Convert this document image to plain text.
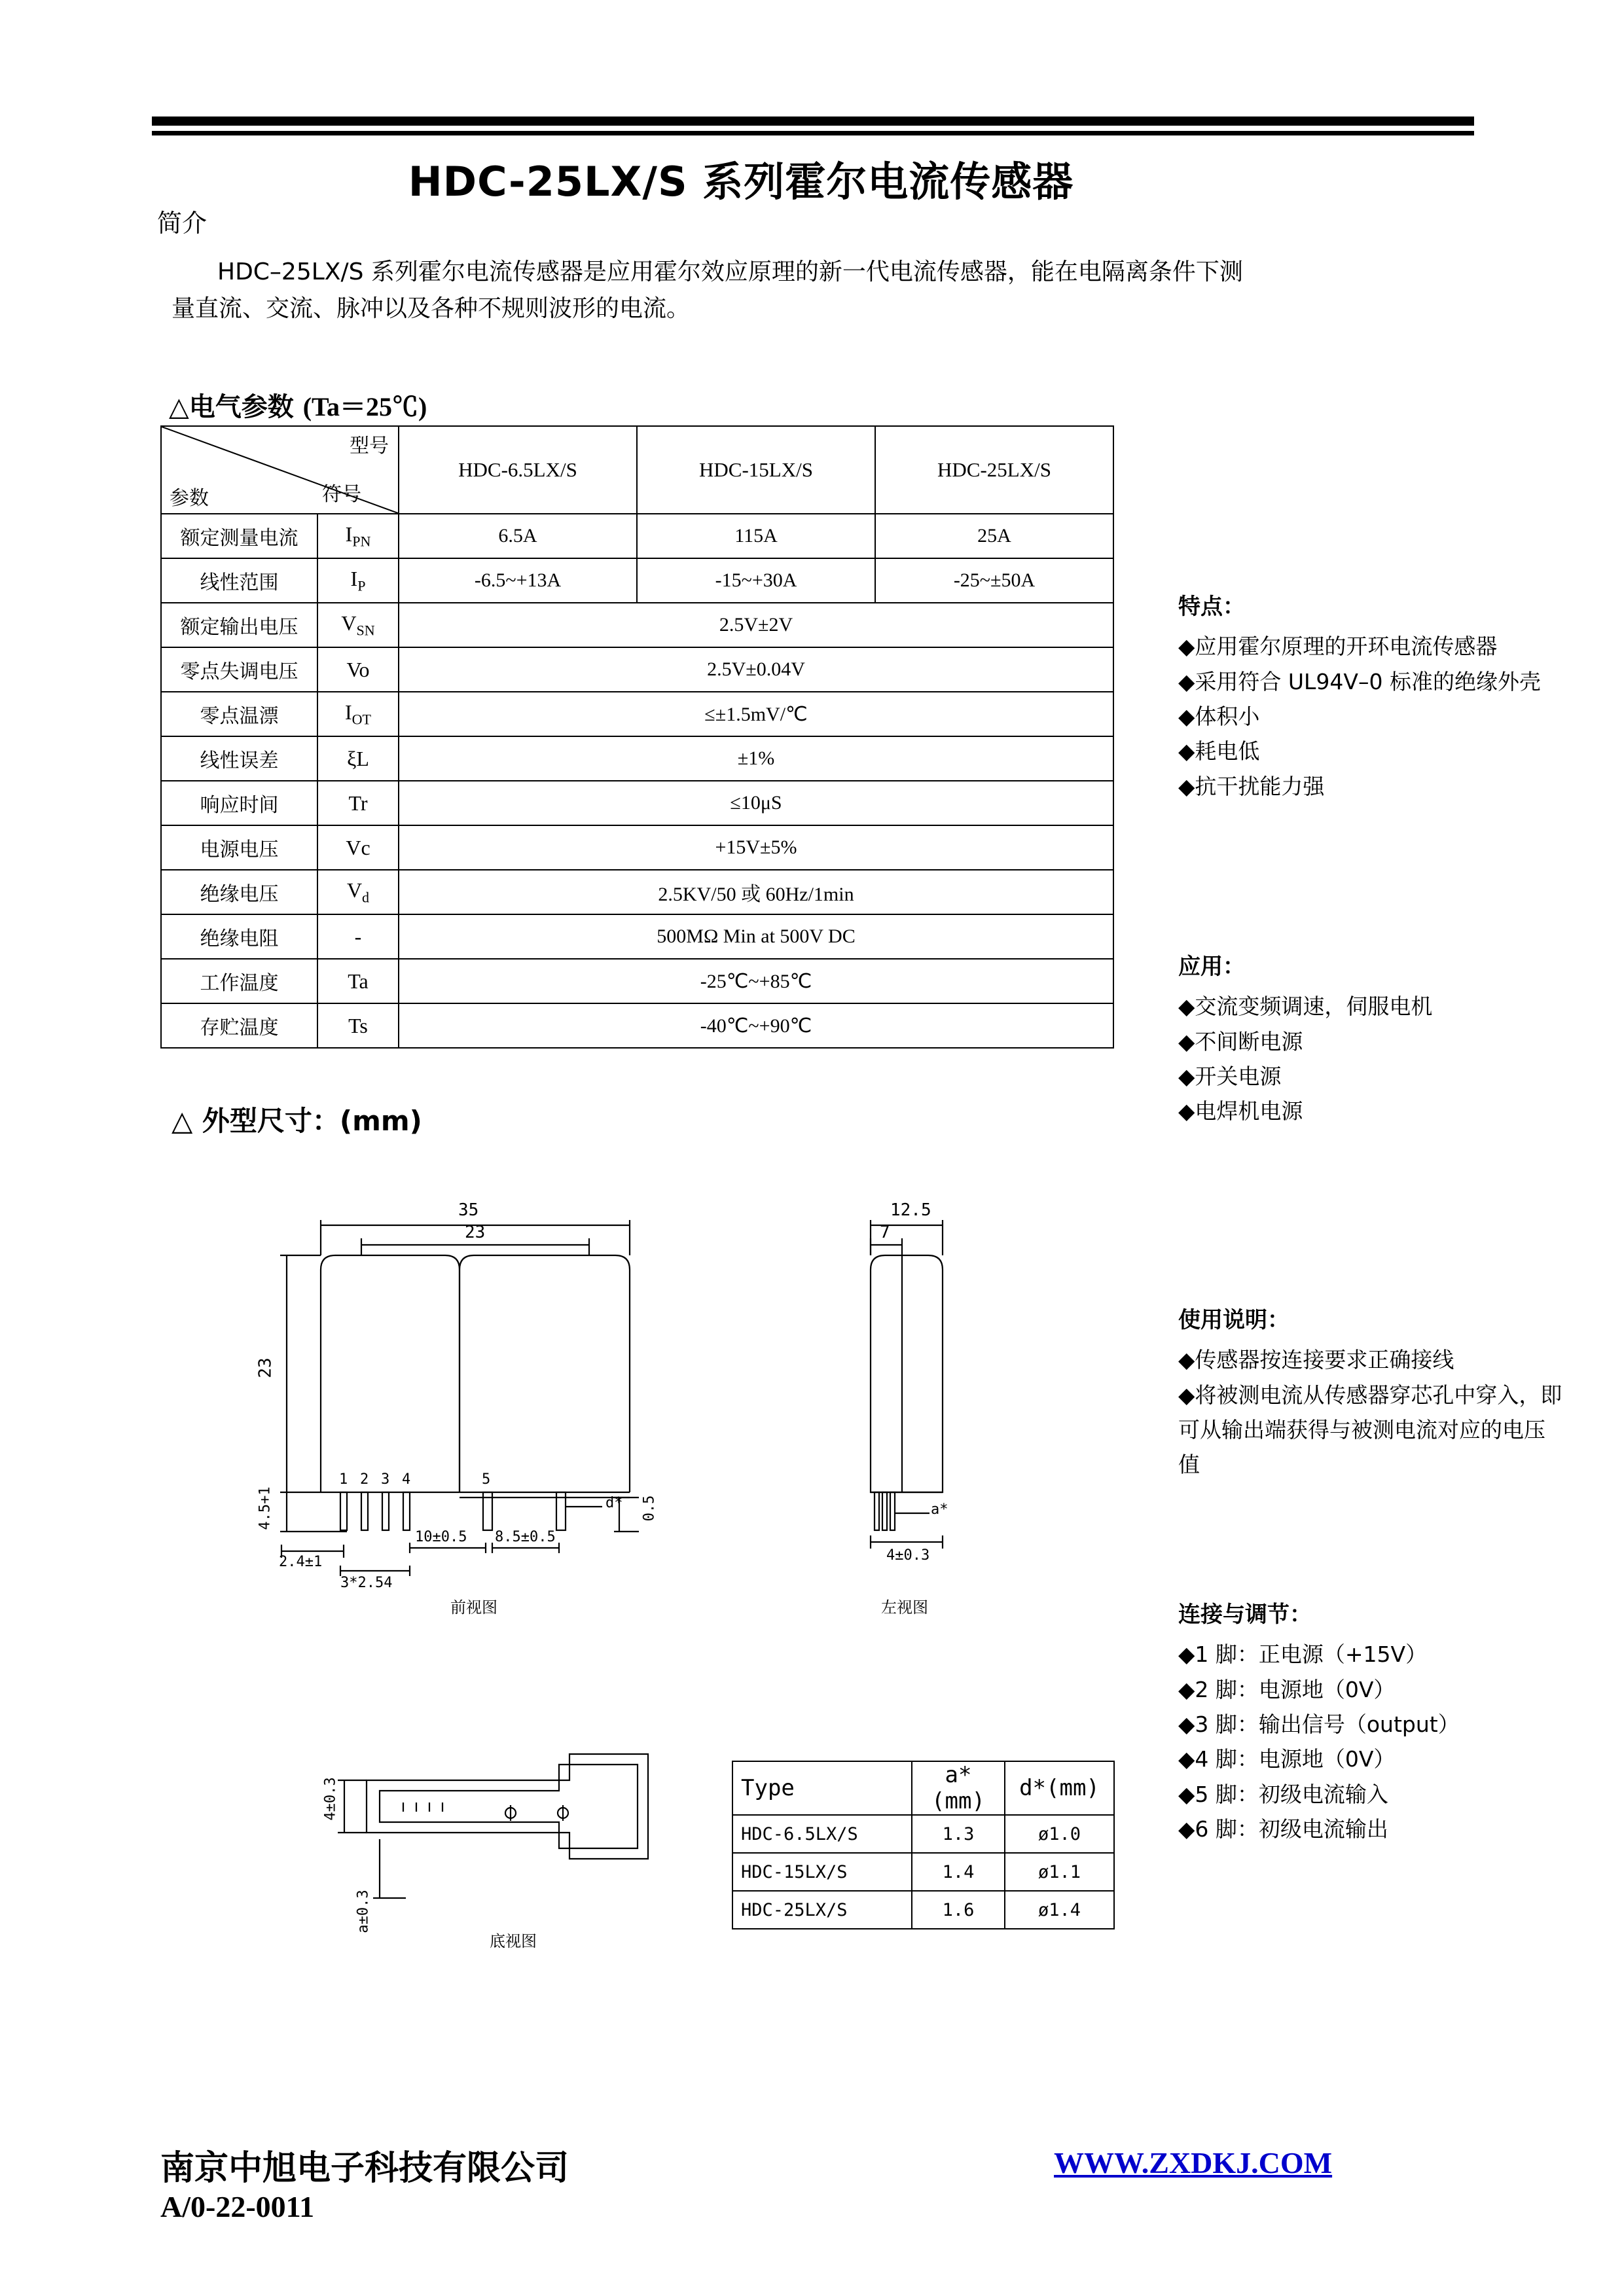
简介
HDC-25LX/S 系列霍尔电流传感器
HDC–25LX/S 系列霍尔电流传感器是应用霍尔效应原理的新一代电流传感器，能在电隔离条件下测量直流、交流、脉冲以及各种不规则波形的电流。
△电气参数 (Ta＝25℃)
型号
参数		HDC-6.5LX/S	HDC-15LX/S	HDC-25LX/S
额定测量电流	$I_{PN}$	6.5A	115A	25A
线性范围	$I_P$	-6.5~+13A	-15~+30A	-25~±50A
额定输出电压	$V_{SN}$	2.5V±2V		
零点失调电压	Vo	2.5V±0.04V		
零点温漂	$I_{OT}$	≤±1.5mV/℃		
线性误差	ξL	±1%		
响应时间	Tr	≤10μS		
电源电压	Vc	+15V±5%		
绝缘电压	$V_d$	2.5KV/50 或 60Hz/1min		
绝缘电阻	-	500MΩ Min at 500V DC		
工作温度	Ta	-25℃~+85℃		
存贮温度	Ts	-40℃~+90℃		
符号
特点：

◆应用霍尔原理的开环电流传感器

◆采用符合 UL94V–0 标准的绝缘外壳

◆体积小

◆耗电低

◆抗干扰能力强

应用：

◆交流变频调速，伺服电机

◆不间断电源

◆开关电源

◆电焊机电源

使用说明：

◆传感器按连接要求正确接线

◆将被测电流从传感器穿芯孔中穿入，即可从输出端获得与被测电流对应的电压值

连接与调节：

◆1 脚：正电源（+15V）

◆2 脚：电源地（0V）

◆3 脚：输出信号（output）

◆4 脚：电源地（0V）

◆5 脚：初级电流输入

◆6 脚：初级电流输出

△ 外型尺寸：(mm)
35
23
23
4.5+1
2.4±1
3*2.54
10±0.5 8.5±0.5
d* 0.5
1 2 3 4	5
前视图
12.5
7
a*
4±0.3
左视图
4±0.3
a±0.3
底视图
Type	a*(mm)	d*(mm)
HDC-6.5LX/S	1.3	ø1.0
HDC-15LX/S	1.4	ø1.1
HDC-25LX/S	1.6	ø1.4
南京中旭电子科技有限公司
A/0-22-0011
WWW.ZXDKJ.COM
